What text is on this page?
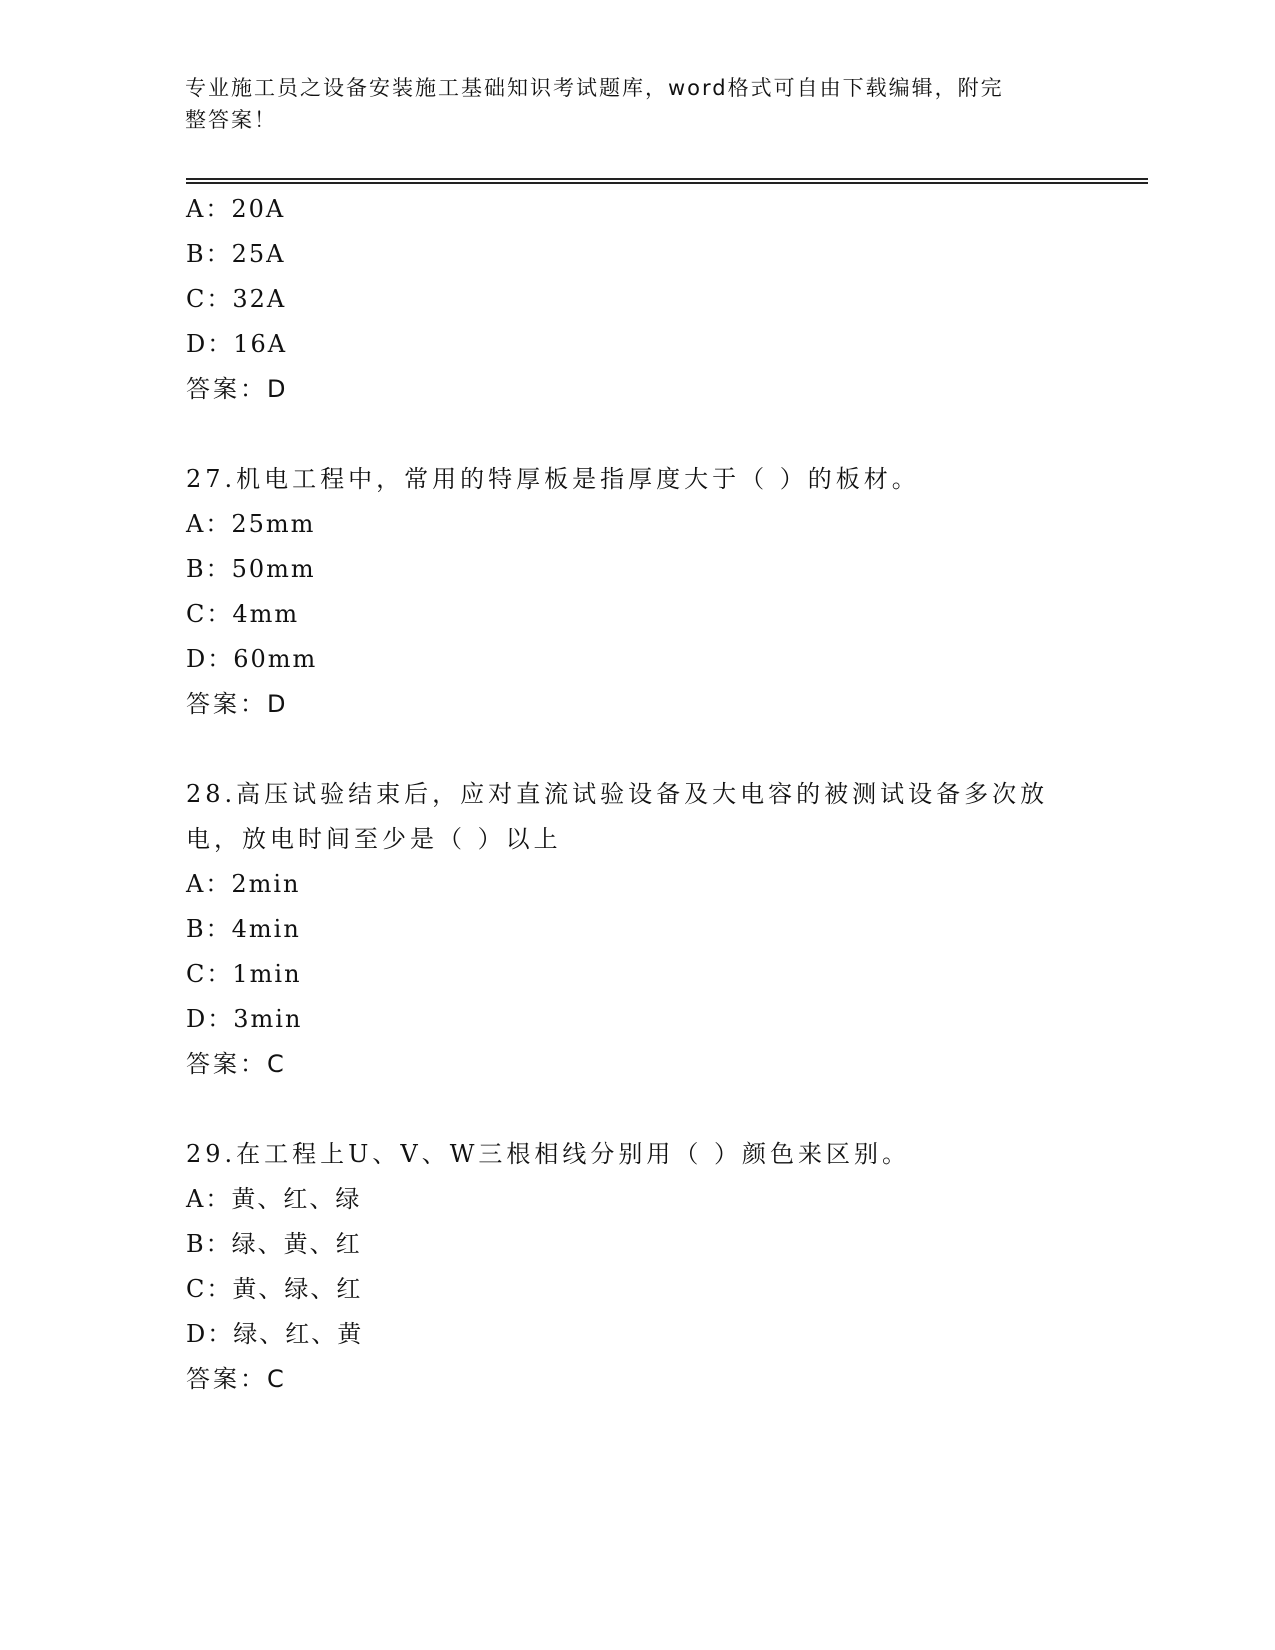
专业施工员之设备安装施工基础知识考试题库，word格式可自由下载编辑，附完
整答案！
A：20A
B：25A
C：32A
D：16A
答案：D
27.机电工程中，常用的特厚板是指厚度大于（ ）的板材。
A：25mm
B：50mm
C：4mm
D：60mm
答案：D
28.高压试验结束后，应对直流试验设备及大电容的被测试设备多次放
电，放电时间至少是（ ）以上
A：2min
B：4min
C：1min
D：3min
答案：C
29.在工程上U、V、W三根相线分别用（ ）颜色来区别。
A：黄、红、绿
B：绿、黄、红
C：黄、绿、红
D：绿、红、黄
答案：C
